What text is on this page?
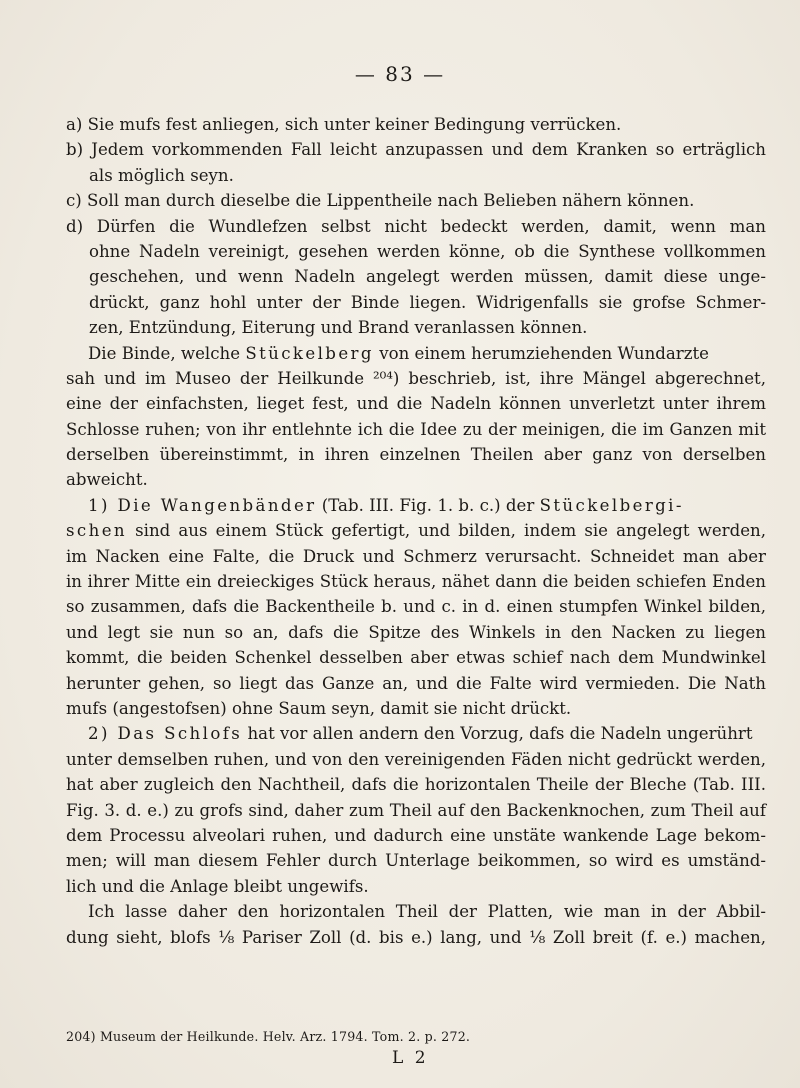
— 83 —
a) Sie mufs fest anliegen, sich unter keiner Bedingung verrücken.
b) Jedem vorkommenden Fall leicht anzupassen und dem Kranken so erträglich
als möglich seyn.
c) Soll man durch dieselbe die Lippentheile nach Belieben nähern können.
d) Dürfen die Wundlefzen selbst nicht bedeckt werden, damit, wenn man
ohne Nadeln vereinigt, gesehen werden könne, ob die Synthese vollkommen
geschehen, und wenn Nadeln angelegt werden müssen, damit diese unge-
drückt, ganz hohl unter der Binde liegen. Widrigenfalls sie grofse Schmer-
zen, Entzündung, Eiterung und Brand veranlassen können.
Die Binde, welche Stückelberg von einem herumziehenden Wundarzte
sah und im Museo der Heilkunde ²⁰⁴) beschrieb, ist, ihre Mängel abgerechnet,
eine der einfachsten, lieget fest, und die Nadeln können unverletzt unter ihrem
Schlosse ruhen; von ihr entlehnte ich die Idee zu der meinigen, die im Ganzen mit
derselben übereinstimmt, in ihren einzelnen Theilen aber ganz von derselben
abweicht.
1) Die Wangenbänder (Tab. III. Fig. 1. b. c.) der Stückelbergi-
schen sind aus einem Stück gefertigt, und bilden, indem sie angelegt werden,
im Nacken eine Falte, die Druck und Schmerz verursacht. Schneidet man aber
in ihrer Mitte ein dreieckiges Stück heraus, nähet dann die beiden schiefen Enden
so zusammen, dafs die Backentheile b. und c. in d. einen stumpfen Winkel bilden,
und legt sie nun so an, dafs die Spitze des Winkels in den Nacken zu liegen
kommt, die beiden Schenkel desselben aber etwas schief nach dem Mundwinkel
herunter gehen, so liegt das Ganze an, und die Falte wird vermieden. Die Nath
mufs (angestofsen) ohne Saum seyn, damit sie nicht drückt.
2) Das Schlofs hat vor allen andern den Vorzug, dafs die Nadeln ungerührt
unter demselben ruhen, und von den vereinigenden Fäden nicht gedrückt werden,
hat aber zugleich den Nachtheil, dafs die horizontalen Theile der Bleche (Tab. III.
Fig. 3. d. e.) zu grofs sind, daher zum Theil auf den Backenknochen, zum Theil auf
dem Processu alveolari ruhen, und dadurch eine unstäte wankende Lage bekom-
men; will man diesem Fehler durch Unterlage beikommen, so wird es umständ-
lich und die Anlage bleibt ungewifs.
Ich lasse daher den horizontalen Theil der Platten, wie man in der Abbil-
dung sieht, blofs ⅛ Pariser Zoll (d. bis e.) lang, und ⅛ Zoll breit (f. e.) machen,
204) Museum der Heilkunde. Helv. Arz. 1794. Tom. 2. p. 272.
L 2
